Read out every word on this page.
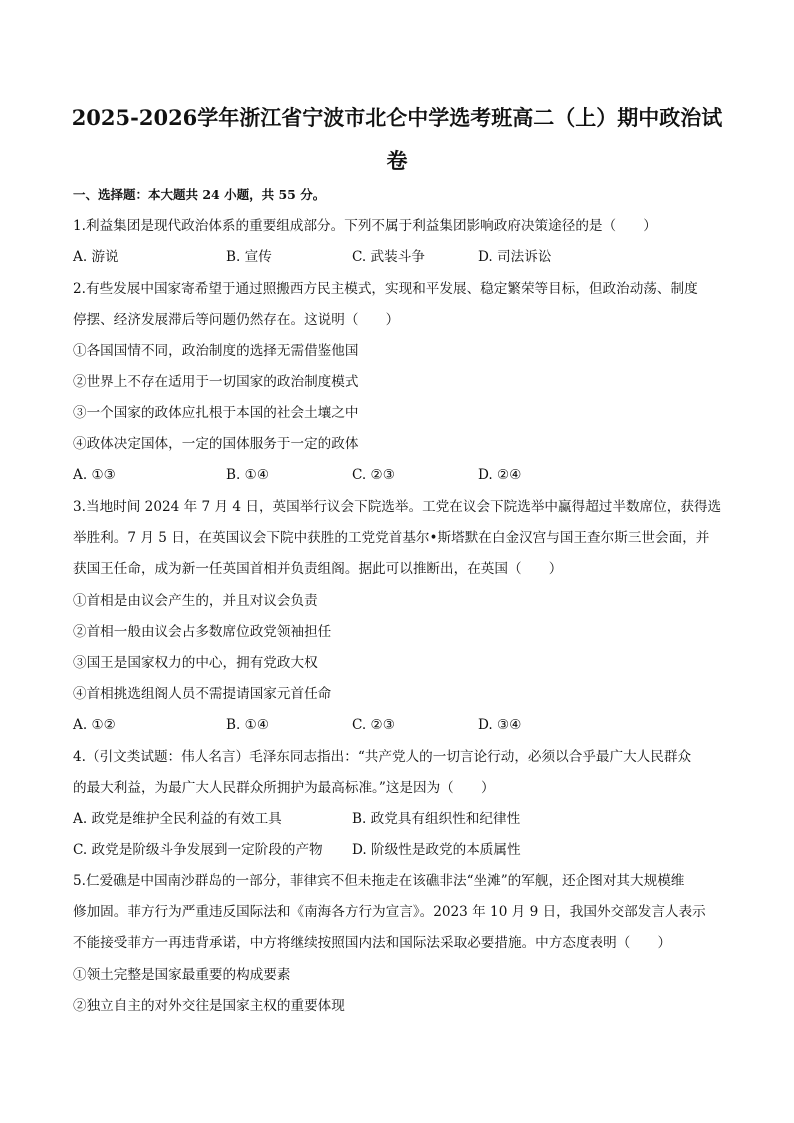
2025-2026学年浙江省宁波市北仑中学选考班高二（上）期中政治试
卷
一、选择题：本大题共 24 小题，共 55 分。
1.利益集团是现代政治体系的重要组成部分。下列不属于利益集团影响政府决策途径的是（　　）
A. 游说	B. 宣传	C. 武装斗争	D. 司法诉讼
2.有些发展中国家寄希望于通过照搬西方民主模式，实现和平发展、稳定繁荣等目标，但政治动荡、制度
停摆、经济发展滞后等问题仍然存在。这说明（　　）
①各国国情不同，政治制度的选择无需借鉴他国
②世界上不存在适用于一切国家的政治制度模式
③一个国家的政体应扎根于本国的社会土壤之中
④政体决定国体，一定的国体服务于一定的政体
A. ①③	B. ①④	C. ②③	D. ②④
3.当地时间 2024 年 7 月 4 日，英国举行议会下院选举。工党在议会下院选举中赢得超过半数席位，获得选
举胜利。7 月 5 日，在英国议会下院中获胜的工党党首基尔•斯塔默在白金汉宫与国王查尔斯三世会面，并
获国王任命，成为新一任英国首相并负责组阁。据此可以推断出，在英国（　　）
①首相是由议会产生的，并且对议会负责
②首相一般由议会占多数席位政党领袖担任
③国王是国家权力的中心，拥有党政大权
④首相挑选组阁人员不需提请国家元首任命
A. ①②	B. ①④	C. ②③	D. ③④
4.（引文类试题：伟人名言）毛泽东同志指出：“共产党人的一切言论行动，必须以合乎最广大人民群众
的最大利益，为最广大人民群众所拥护为最高标准。”这是因为（　　）
A. 政党是维护全民利益的有效工具	B. 政党具有组织性和纪律性
C. 政党是阶级斗争发展到一定阶段的产物 D. 阶级性是政党的本质属性
5.仁爱礁是中国南沙群岛的一部分，菲律宾不但未拖走在该礁非法“坐滩”的军舰，还企图对其大规模维
修加固。菲方行为严重违反国际法和《南海各方行为宣言》。2023 年 10 月 9 日，我国外交部发言人表示
不能接受菲方一再违背承诺，中方将继续按照国内法和国际法采取必要措施。中方态度表明（　　）
①领土完整是国家最重要的构成要素
②独立自主的对外交往是国家主权的重要体现
